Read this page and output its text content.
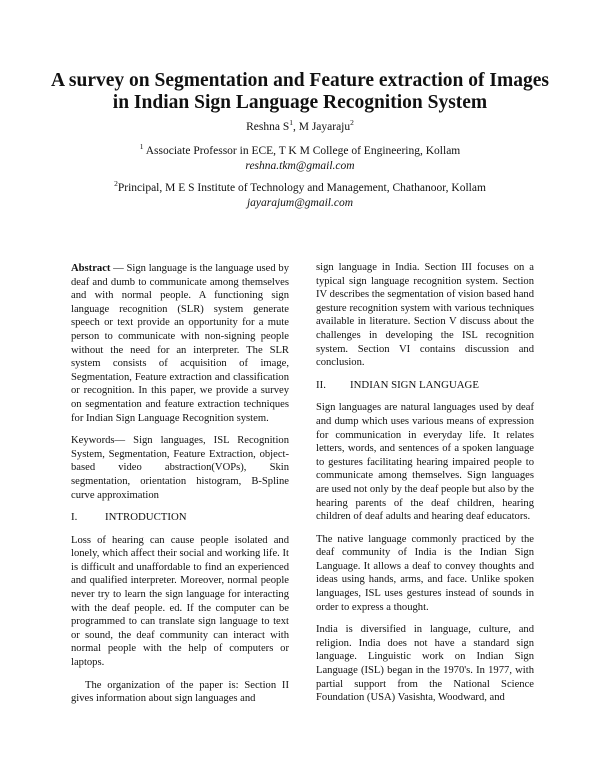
A survey on Segmentation and Feature extraction of Images
in Indian Sign Language Recognition System
Reshna $S^1$, M Jayaraju$^2$
$^1$ Associate Professor in ECE, T K M College of Engineering, Kollam
reshna.tkm@gmail.com
$^2$Principal, M E S Institute of Technology and Management, Chathanoor, Kollam
jayarajum@gmail.com

Abstract — Sign language is the language used by deaf and dumb to communicate among themselves and with normal people. A functioning sign language recognition (SLR) system generate speech or text provide an opportunity for a mute person to communicate with non-signing people without the need for an interpreter. The SLR system consists of acquisition of image, Segmentation, Feature extraction and classification or recognition. In this paper, we provide a survey on segmentation and feature extraction techniques for Indian Sign Language Recognition system.

Keywords— Sign languages, ISL Recognition System, Segmentation, Feature Extraction, object-based video abstraction(VOPs), Skin segmentation, orientation histogram, B-Spline curve approximation

I.	INTRODUCTION

Loss of hearing can cause people isolated and lonely, which affect their social and working life. It is difficult and unaffordable to find an experienced and qualified interpreter. Moreover, normal people never try to learn the sign language for interacting with the deaf people. ed. If the computer can be programmed to can translate sign language to text or sound, the deaf community can interact with normal people with the help of computers or laptops.

The organization of the paper is: Section II gives information about sign languages and

sign language in India. Section III focuses on a typical sign language recognition system. Section IV describes the segmentation of vision based hand gesture recognition system with various techniques available in literature. Section V discuss about the challenges in developing the ISL recognition system. Section VI contains discussion and conclusion.

II.	INDIAN SIGN LANGUAGE

Sign languages are natural languages used by deaf and dump which uses various means of expression for communication in everyday life. It relates letters, words, and sentences of a spoken language to gestures facilitating hearing impaired people to communicate among themselves. Sign languages are used not only by the deaf people but also by the hearing parents of the deaf children, hearing children of deaf adults and hearing deaf educators.

The native language commonly practiced by the deaf community of India is the Indian Sign Language. It allows a deaf to convey thoughts and ideas using hands, arms, and face. Unlike spoken languages, ISL uses gestures instead of sounds in order to express a thought.

India is diversified in language, culture, and religion. India does not have a standard sign language. Linguistic work on Indian Sign Language (ISL) began in the 1970's. In 1977, with partial support from the National Science Foundation (USA) Vasishta, Woodward, and
